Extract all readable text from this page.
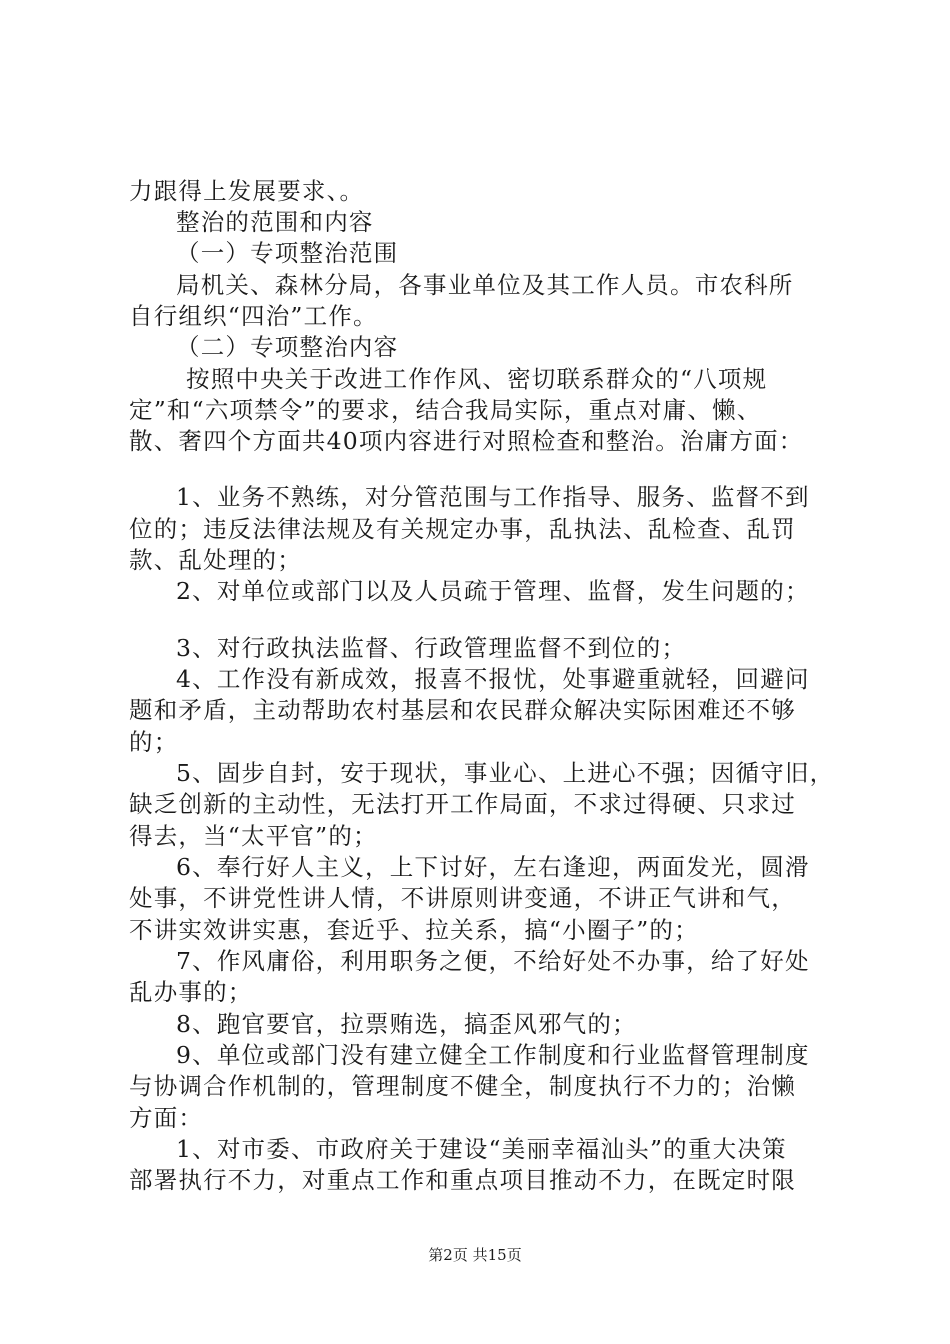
力跟得上发展要求、。
整治的范围和内容
（一）专项整治范围
局机关、森林分局，各事业单位及其工作人员。市农科所
自行组织“四治”工作。
（二）专项整治内容
按照中央关于改进工作作风、密切联系群众的“八项规
定”和“六项禁令”的要求，结合我局实际，重点对庸、懒、
散、奢四个方面共40项内容进行对照检查和整治。治庸方面：
1、业务不熟练，对分管范围与工作指导、服务、监督不到
位的；违反法律法规及有关规定办事，乱执法、乱检查、乱罚
款、乱处理的；
2、对单位或部门以及人员疏于管理、监督，发生问题的；
3、对行政执法监督、行政管理监督不到位的；
4、工作没有新成效，报喜不报忧，处事避重就轻，回避问
题和矛盾，主动帮助农村基层和农民群众解决实际困难还不够
的；
5、固步自封，安于现状，事业心、上进心不强；因循守旧，
缺乏创新的主动性，无法打开工作局面，不求过得硬、只求过
得去，当“太平官”的；
6、奉行好人主义，上下讨好，左右逢迎，两面发光，圆滑
处事，不讲党性讲人情，不讲原则讲变通，不讲正气讲和气，
不讲实效讲实惠，套近乎、拉关系，搞“小圈子”的；
7、作风庸俗，利用职务之便，不给好处不办事，给了好处
乱办事的；
8、跑官要官，拉票贿选，搞歪风邪气的；
9、单位或部门没有建立健全工作制度和行业监督管理制度
与协调合作机制的，管理制度不健全，制度执行不力的；治懒
方面：
1、对市委、市政府关于建设“美丽幸福汕头”的重大决策
部署执行不力，对重点工作和重点项目推动不力，在既定时限
第2页 共15页
